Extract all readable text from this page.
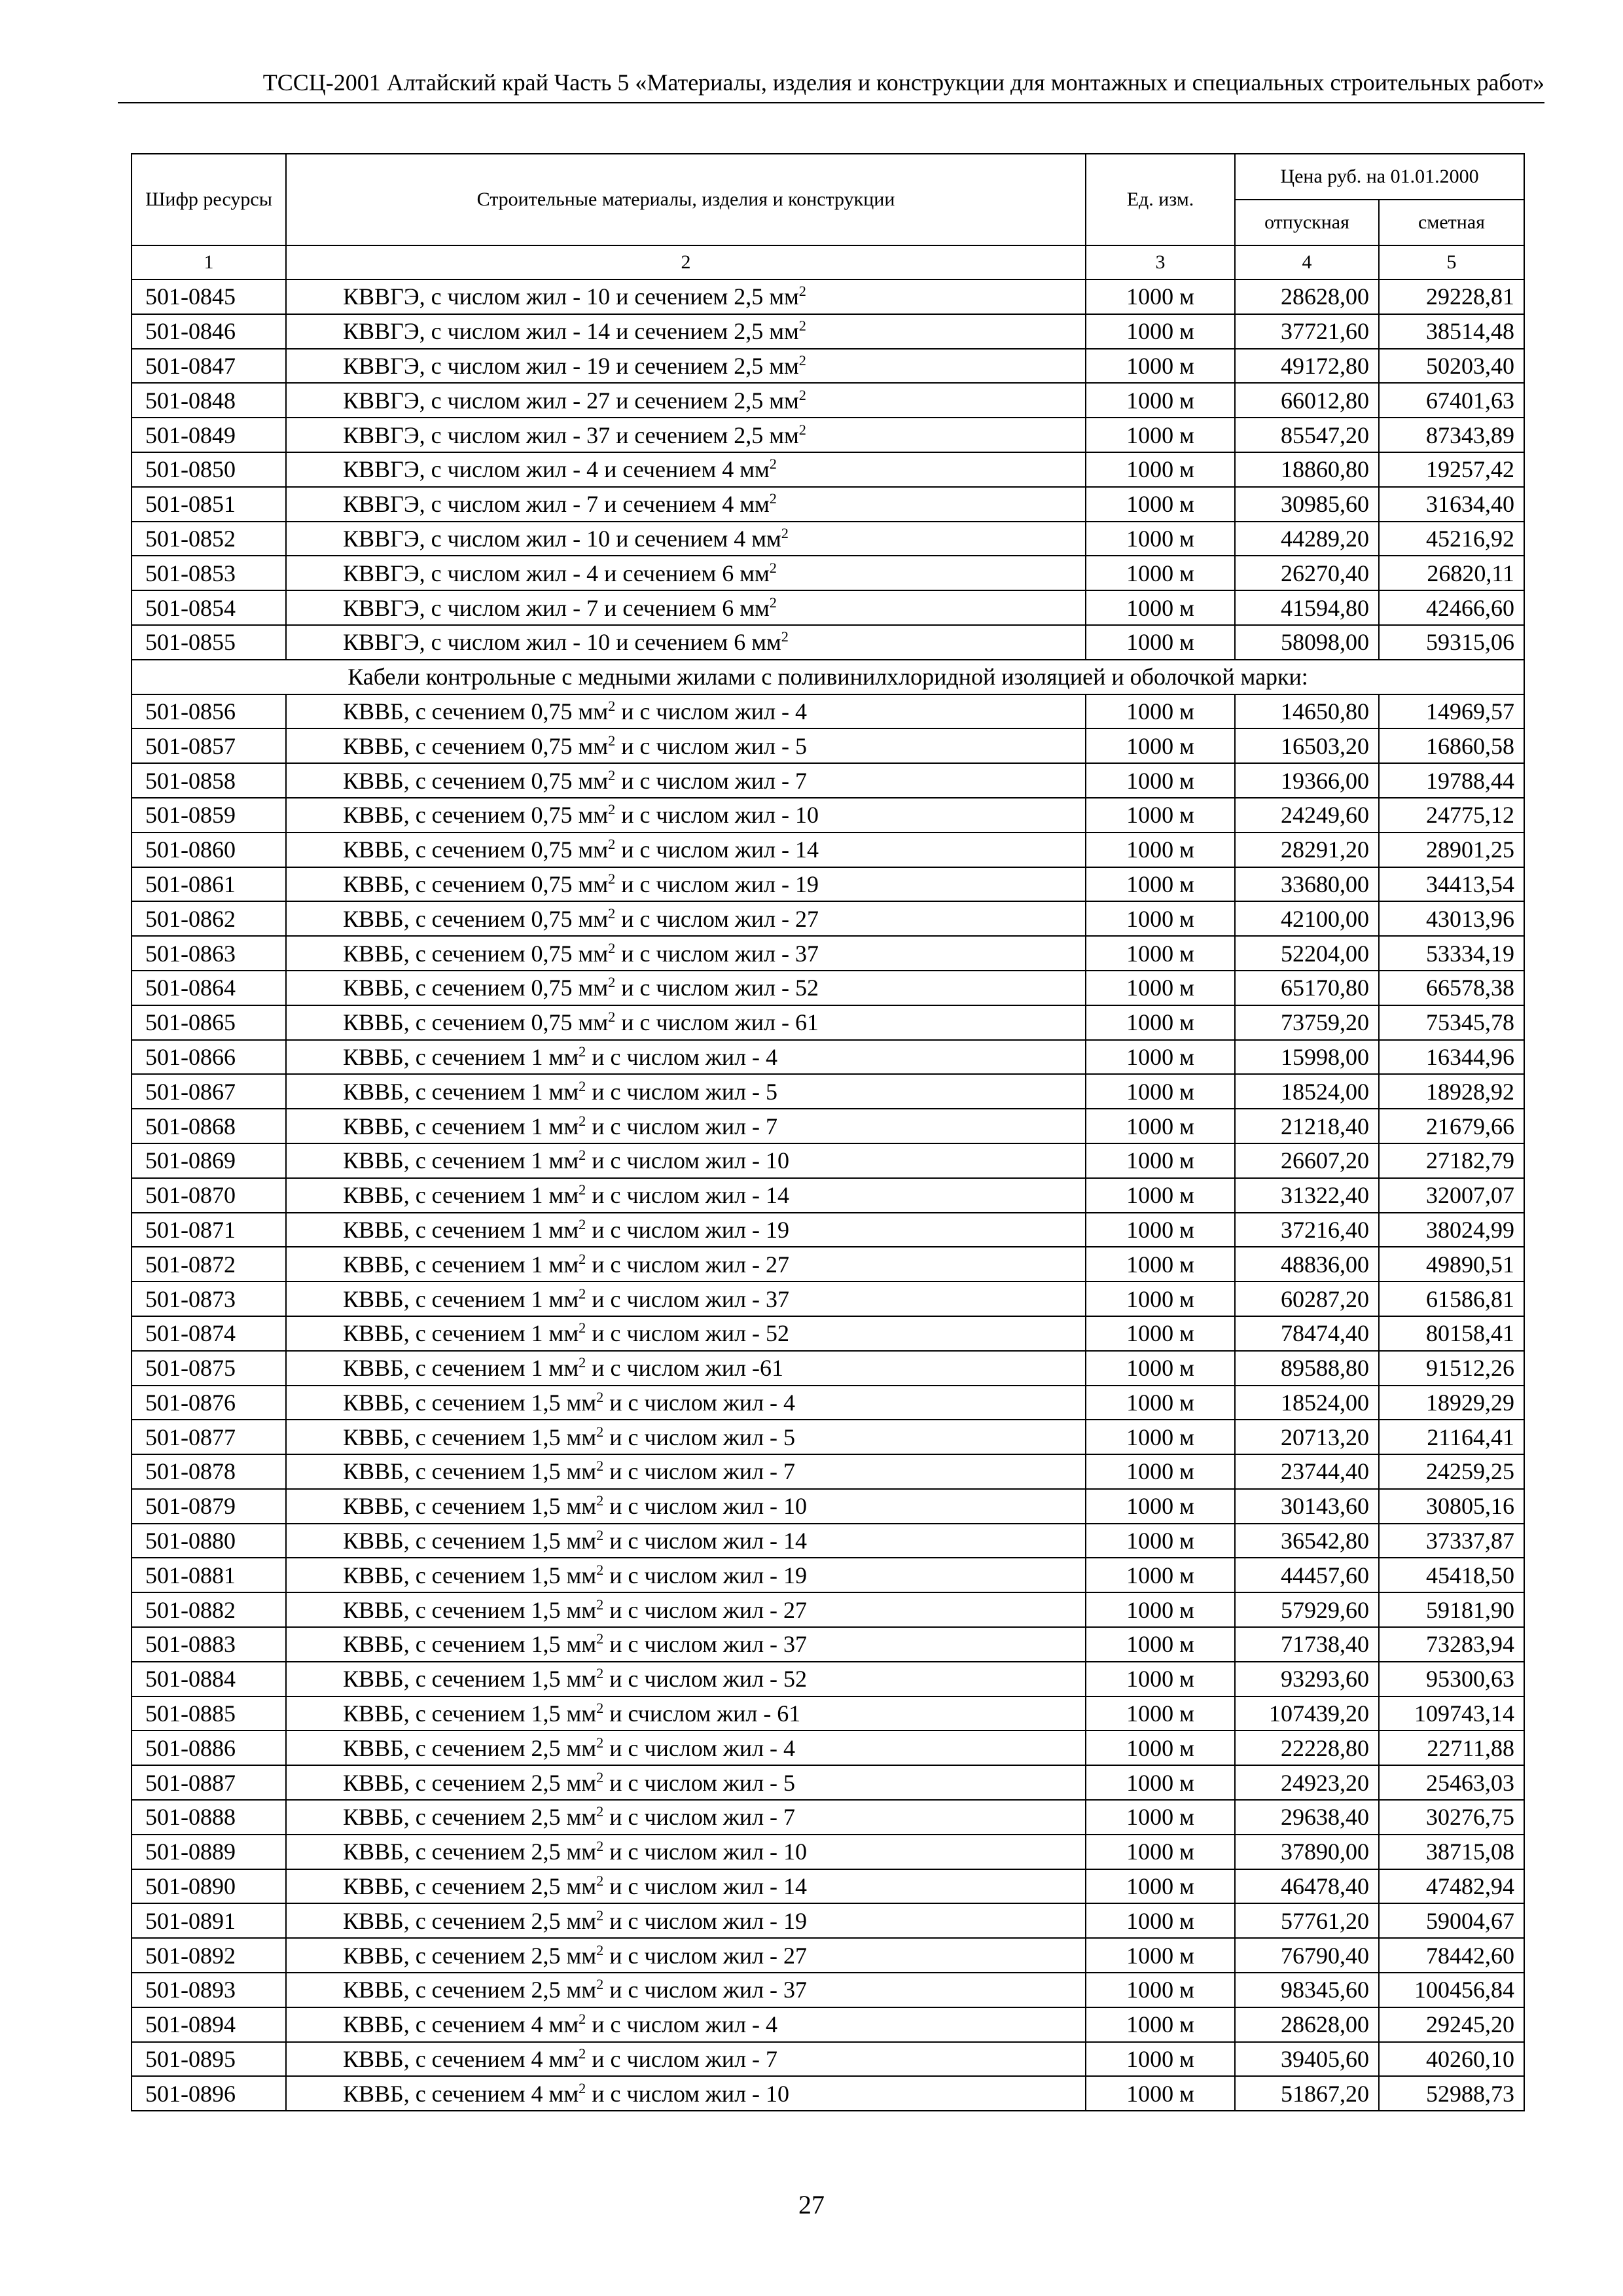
ТССЦ-2001 Алтайский край Часть 5 «Материалы, изделия и конструкции для монтажных и специальных строительных работ»
Шифр ресурсы	Строительные материалы, изделия и конструкции	Ед. изм.	Цена руб. на 01.01.2000	
			отпускная	сметная
1	2	3	4	5
501-0845	КВВГЭ, с числом жил - 10 и сечением 2,5 $мм^2$	1000 м	28628,00	29228,81
501-0846	КВВГЭ, с числом жил - 14 и сечением 2,5 $мм^2$	1000 м	37721,60	38514,48
501-0847	КВВГЭ, с числом жил - 19 и сечением 2,5 $мм^2$	1000 м	49172,80	50203,40
501-0848	КВВГЭ, с числом жил - 27 и сечением 2,5 $мм^2$	1000 м	66012,80	67401,63
501-0849	КВВГЭ, с числом жил - 37 и сечением 2,5 $мм^2$	1000 м	85547,20	87343,89
501-0850	КВВГЭ, с числом жил - 4 и сечением 4 $мм^2$	1000 м	18860,80	19257,42
501-0851	КВВГЭ, с числом жил - 7 и сечением 4 $мм^2$	1000 м	30985,60	31634,40
501-0852	КВВГЭ, с числом жил - 10 и сечением 4 $мм^2$	1000 м	44289,20	45216,92
501-0853	КВВГЭ, с числом жил - 4 и сечением 6 $мм^2$	1000 м	26270,40	26820,11
501-0854	КВВГЭ, с числом жил - 7 и сечением 6 $мм^2$	1000 м	41594,80	42466,60
501-0855	КВВГЭ, с числом жил - 10 и сечением 6 $мм^2$	1000 м	58098,00	59315,06
Кабели контрольные с медными жилами с поливинилхлоридной изоляцией и оболочкой марки:				
501-0856	КВВБ, с сечением 0,75 $мм^2$ и с числом жил - 4	1000 м	14650,80	14969,57
501-0857	КВВБ, с сечением 0,75 $мм^2$ и с числом жил - 5	1000 м	16503,20	16860,58
501-0858	КВВБ, с сечением 0,75 $мм^2$ и с числом жил - 7	1000 м	19366,00	19788,44
501-0859	КВВБ, с сечением 0,75 $мм^2$ и с числом жил - 10	1000 м	24249,60	24775,12
501-0860	КВВБ, с сечением 0,75 $мм^2$ и с числом жил - 14	1000 м	28291,20	28901,25
501-0861	КВВБ, с сечением 0,75 $мм^2$ и с числом жил - 19	1000 м	33680,00	34413,54
501-0862	КВВБ, с сечением 0,75 $мм^2$ и с числом жил - 27	1000 м	42100,00	43013,96
501-0863	КВВБ, с сечением 0,75 $мм^2$ и с числом жил - 37	1000 м	52204,00	53334,19
501-0864	КВВБ, с сечением 0,75 $мм^2$ и с числом жил - 52	1000 м	65170,80	66578,38
501-0865	КВВБ, с сечением 0,75 $мм^2$ и с числом жил - 61	1000 м	73759,20	75345,78
501-0866	КВВБ, с сечением 1 $мм^2$ и с числом жил - 4	1000 м	15998,00	16344,96
501-0867	КВВБ, с сечением 1 $мм^2$ и с числом жил - 5	1000 м	18524,00	18928,92
501-0868	КВВБ, с сечением 1 $мм^2$ и с числом жил - 7	1000 м	21218,40	21679,66
501-0869	КВВБ, с сечением 1 $мм^2$ и с числом жил - 10	1000 м	26607,20	27182,79
501-0870	КВВБ, с сечением 1 $мм^2$ и с числом жил - 14	1000 м	31322,40	32007,07
501-0871	КВВБ, с сечением 1 $мм^2$ и с числом жил - 19	1000 м	37216,40	38024,99
501-0872	КВВБ, с сечением 1 $мм^2$ и с числом жил - 27	1000 м	48836,00	49890,51
501-0873	КВВБ, с сечением 1 $мм^2$ и с числом жил - 37	1000 м	60287,20	61586,81
501-0874	КВВБ, с сечением 1 $мм^2$ и с числом жил - 52	1000 м	78474,40	80158,41
501-0875	КВВБ, с сечением 1 $мм^2$ и с числом жил -61	1000 м	89588,80	91512,26
501-0876	КВВБ, с сечением 1,5 $мм^2$ и с числом жил - 4	1000 м	18524,00	18929,29
501-0877	КВВБ, с сечением 1,5 $мм^2$ и с числом жил - 5	1000 м	20713,20	21164,41
501-0878	КВВБ, с сечением 1,5 $мм^2$ и с числом жил - 7	1000 м	23744,40	24259,25
501-0879	КВВБ, с сечением 1,5 $мм^2$ и с числом жил - 10	1000 м	30143,60	30805,16
501-0880	КВВБ, с сечением 1,5 $мм^2$ и с числом жил - 14	1000 м	36542,80	37337,87
501-0881	КВВБ, с сечением 1,5 $мм^2$ и с числом жил - 19	1000 м	44457,60	45418,50
501-0882	КВВБ, с сечением 1,5 $мм^2$ и с числом жил - 27	1000 м	57929,60	59181,90
501-0883	КВВБ, с сечением 1,5 $мм^2$ и с числом жил - 37	1000 м	71738,40	73283,94
501-0884	КВВБ, с сечением 1,5 $мм^2$ и с числом жил - 52	1000 м	93293,60	95300,63
501-0885	КВВБ, с сечением 1,5 $мм^2$ и счислом жил - 61	1000 м	107439,20	109743,14
501-0886	КВВБ, с сечением 2,5 $мм^2$ и с числом жил - 4	1000 м	22228,80	22711,88
501-0887	КВВБ, с сечением 2,5 $мм^2$ и с числом жил - 5	1000 м	24923,20	25463,03
501-0888	КВВБ, с сечением 2,5 $мм^2$ и с числом жил - 7	1000 м	29638,40	30276,75
501-0889	КВВБ, с сечением 2,5 $мм^2$ и с числом жил - 10	1000 м	37890,00	38715,08
501-0890	КВВБ, с сечением 2,5 $мм^2$ и с числом жил - 14	1000 м	46478,40	47482,94
501-0891	КВВБ, с сечением 2,5 $мм^2$ и с числом жил - 19	1000 м	57761,20	59004,67
501-0892	КВВБ, с сечением 2,5 $мм^2$ и с числом жил - 27	1000 м	76790,40	78442,60
501-0893	КВВБ, с сечением 2,5 $мм^2$ и с числом жил - 37	1000 м	98345,60	100456,84
501-0894	КВВБ, с сечением 4 $мм^2$ и с числом жил - 4	1000 м	28628,00	29245,20
501-0895	КВВБ, с сечением 4 $мм^2$ и с числом жил - 7	1000 м	39405,60	40260,10
501-0896	КВВБ, с сечением 4 $мм^2$ и с числом жил - 10	1000 м	51867,20	52988,73
27
